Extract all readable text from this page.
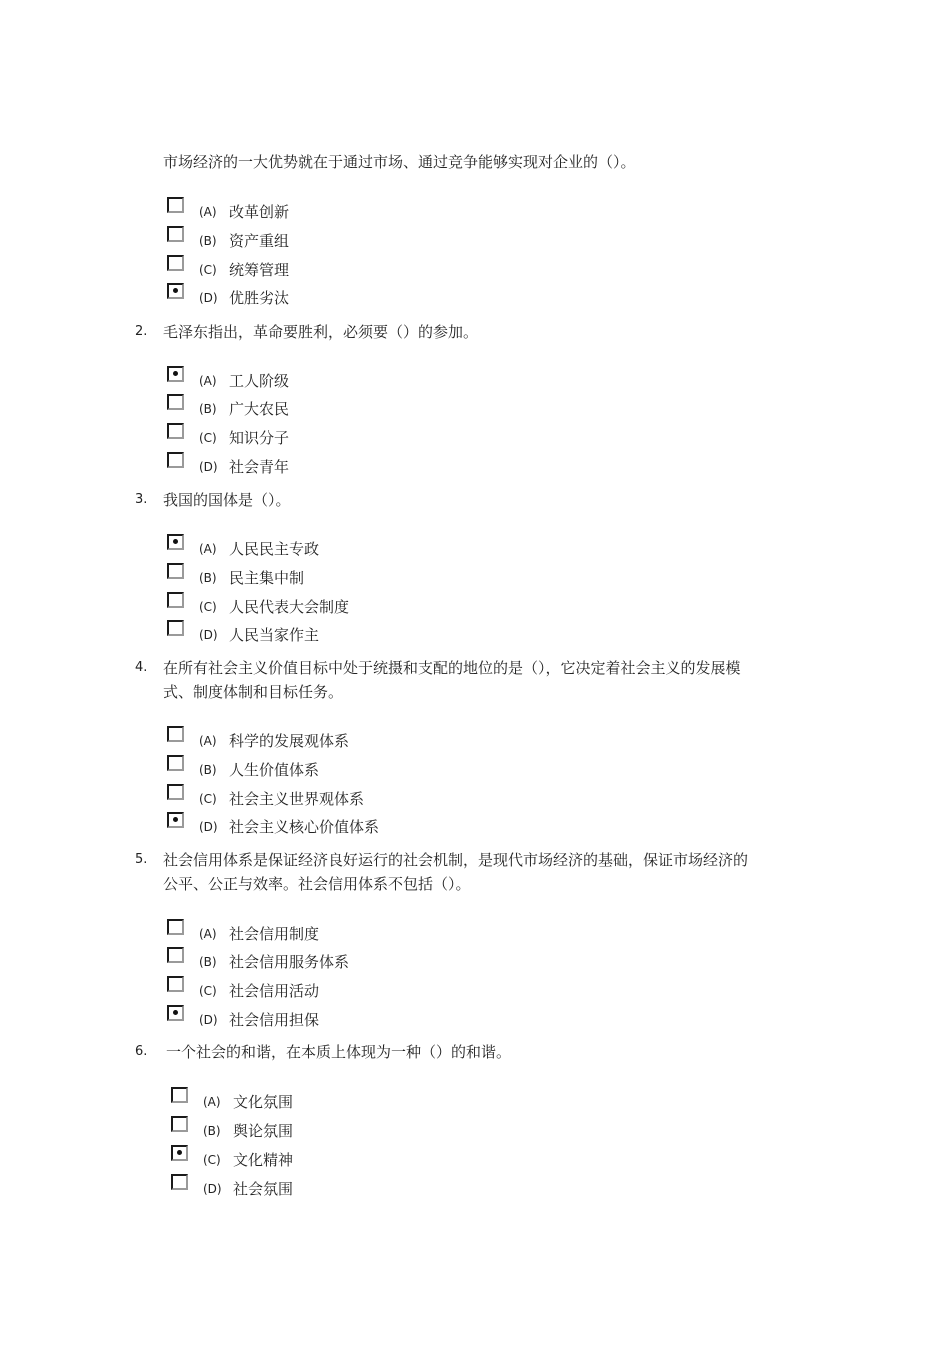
市场经济的一大优势就在于通过市场、通过竞争能够实现对企业的（）。
(A) 改革创新
(B) 资产重组
(C) 统筹管理
(D) 优胜劣汰
2. 毛泽东指出，革命要胜利，必须要（）的参加。
(A) 工人阶级
(B) 广大农民
(C) 知识分子
(D) 社会青年
3. 我国的国体是（）。
(A) 人民民主专政
(B) 民主集中制
(C) 人民代表大会制度
(D) 人民当家作主
4. 在所有社会主义价值目标中处于统摄和支配的地位的是（），它决定着社会主义的发展模
式、制度体制和目标任务。
(A) 科学的发展观体系
(B) 人生价值体系
(C) 社会主义世界观体系
(D) 社会主义核心价值体系
5. 社会信用体系是保证经济良好运行的社会机制，是现代市场经济的基础，保证市场经济的
公平、公正与效率。社会信用体系不包括（）。
(A) 社会信用制度
(B) 社会信用服务体系
(C) 社会信用活动
(D) 社会信用担保
6. 一个社会的和谐，在本质上体现为一种（）的和谐。
(A) 文化氛围
(B) 舆论氛围
(C) 文化精神
(D) 社会氛围
